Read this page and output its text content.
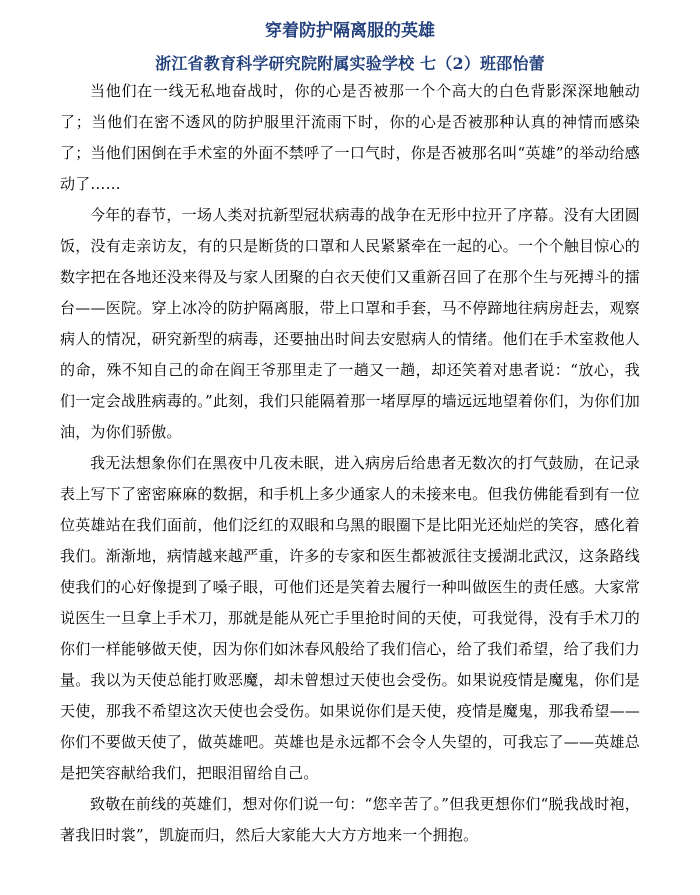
穿着防护隔离服的英雄
浙江省教育科学研究院附属实验学校 七（2）班邵怡蕾

当他们在一线无私地奋战时，你的心是否被那一个个高大的白色背影深深地触动了；当他们在密不透风的防护服里汗流雨下时，你的心是否被那种认真的神情而感染了；当他们困倒在手术室的外面不禁呼了一口气时，你是否被那名叫“英雄”的举动给感动了……

今年的春节，一场人类对抗新型冠状病毒的战争在无形中拉开了序幕。没有大团圆饭，没有走亲访友，有的只是断货的口罩和人民紧紧牵在一起的心。一个个触目惊心的数字把在各地还没来得及与家人团聚的白衣天使们又重新召回了在那个生与死搏斗的擂台——医院。穿上冰冷的防护隔离服，带上口罩和手套，马不停蹄地往病房赶去，观察病人的情况，研究新型的病毒，还要抽出时间去安慰病人的情绪。他们在手术室救他人的命，殊不知自己的命在阎王爷那里走了一趟又一趟，却还笑着对患者说：“放心，我们一定会战胜病毒的。”此刻，我们只能隔着那一堵厚厚的墙远远地望着你们，为你们加油，为你们骄傲。

我无法想象你们在黑夜中几夜未眠，进入病房后给患者无数次的打气鼓励，在记录表上写下了密密麻麻的数据，和手机上多少通家人的未接来电。但我仿佛能看到有一位位英雄站在我们面前，他们泛红的双眼和乌黑的眼圈下是比阳光还灿烂的笑容，感化着我们。渐渐地，病情越来越严重，许多的专家和医生都被派往支援湖北武汉，这条路线使我们的心好像提到了嗓子眼，可他们还是笑着去履行一种叫做医生的责任感。大家常说医生一旦拿上手术刀，那就是能从死亡手里抢时间的天使，可我觉得，没有手术刀的你们一样能够做天使，因为你们如沐春风般给了我们信心，给了我们希望，给了我们力量。我以为天使总能打败恶魔，却未曾想过天使也会受伤。如果说疫情是魔鬼，你们是天使，那我不希望这次天使也会受伤。如果说你们是天使，疫情是魔鬼，那我希望——你们不要做天使了，做英雄吧。英雄也是永远都不会令人失望的，可我忘了——英雄总是把笑容献给我们，把眼泪留给自己。

致敬在前线的英雄们，想对你们说一句：“您辛苦了。”但我更想你们“脱我战时袍，著我旧时裳”，凯旋而归，然后大家能大大方方地来一个拥抱。
